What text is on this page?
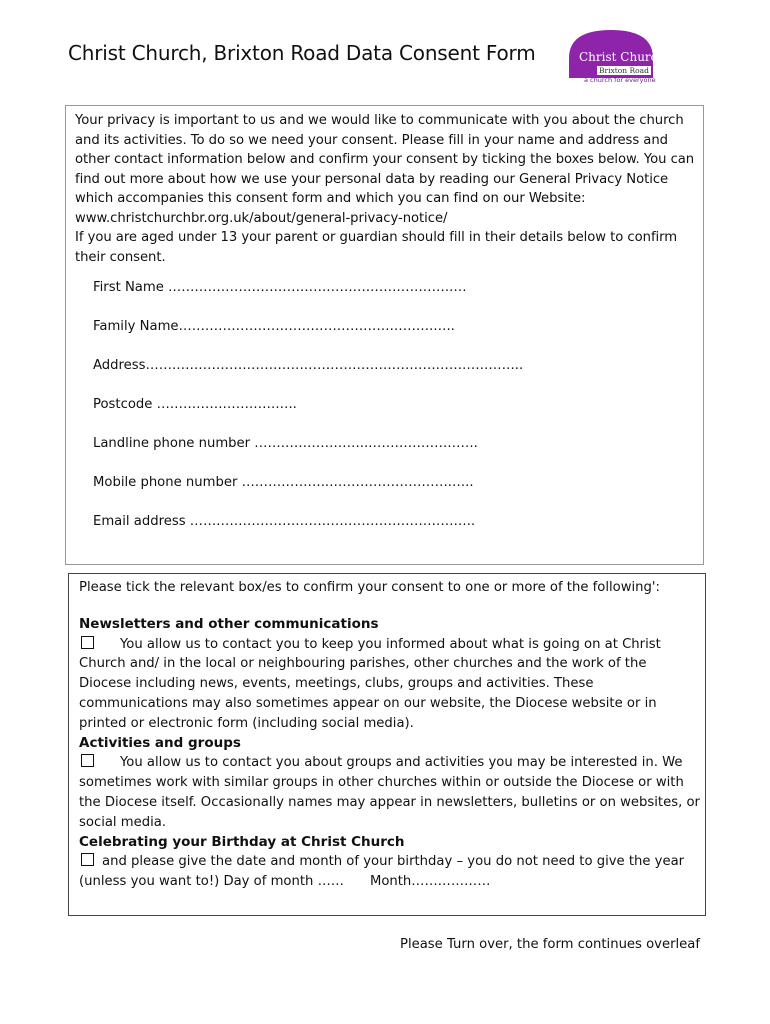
Christ Church, Brixton Road Data Consent Form	Christ Church
Brixton Road
a church for everyone

Your privacy is important to us and we would like to communicate with you about the church and its activities. To do so we need your consent. Please fill in your name and address and other contact information below and confirm your consent by ticking the boxes below. You can find out more about how we use your personal data by reading our General Privacy Notice which accompanies this consent form and which you can find on our Website: www.christchurchbr.org.uk/about/general-privacy-notice/

If you are aged under 13 your parent or guardian should fill in their details below to confirm their consent.

First Name ……………………………………….……………….…
Family Name………………………………………………….…..
Address…………………………………………………………………………..
Postcode …………………………..
Landline phone number ……………………..…………………….
Mobile phone number ………………..……………………….…..
Email address ………………………………………………………..

Please tick the relevant box/es to confirm your consent to one or more of the following':

Newsletters and other communications

You allow us to contact you to keep you informed about what is going on at Christ Church and/ in the local or neighbouring parishes, other churches and the work of the Diocese including news, events, meetings, clubs, groups and activities. These communications may also sometimes appear on our website, the Diocese website or in printed or electronic form (including social media).

Activities and groups

You allow us to contact you about groups and activities you may be interested in. We sometimes work with similar groups in other churches within or outside the Diocese or with the Diocese itself. Occasionally names may appear in newsletters, bulletins or on websites, or social media.

Celebrating your Birthday at Christ Church

and please give the date and month of your birthday – you do not need to give the year (unless you want to!) Day of month …… Month………………

Please Turn over, the form continues overleaf
